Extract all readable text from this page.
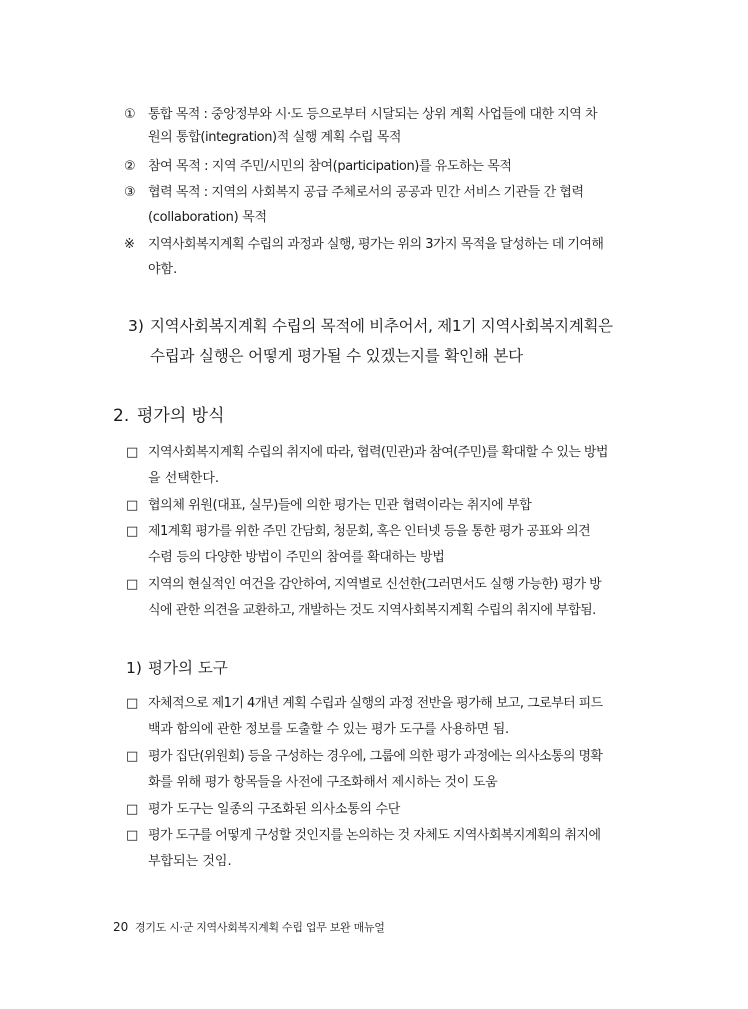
① 통합 목적 : 중앙정부와 시·도 등으로부터 시달되는 상위 계획 사업들에 대한 지역 차
원의 통합(integration)적 실행 계획 수립 목적
② 참여 목적 : 지역 주민/시민의 참여(participation)를 유도하는 목적
③ 협력 목적 : 지역의 사회복지 공급 주체로서의 공공과 민간 서비스 기관들 간 협력
(collaboration) 목적
※	지역사회복지계획 수립의 과정과 실행, 평가는 위의 3가지 목적을 달성하는 데 기여해
야함.
3) 지역사회복지계획 수립의 목적에 비추어서, 제1기 지역사회복지계획은
수립과 실행은 어떻게 평가될 수 있겠는지를 확인해 본다
2. 평가의 방식
□ 지역사회복지계획 수립의 취지에 따라, 협력(민관)과 참여(주민)를 확대할 수 있는 방법
을 선택한다.
□ 협의체 위원(대표, 실무)들에 의한 평가는 민관 협력이라는 취지에 부합
□ 제1계획 평가를 위한 주민 간담회, 청문회, 혹은 인터넷 등을 통한 평가 공표와 의견
수렴 등의 다양한 방법이 주민의 참여를 확대하는 방법
□ 지역의 현실적인 여건을 감안하여, 지역별로 신선한(그러면서도 실행 가능한) 평가 방
식에 관한 의견을 교환하고, 개발하는 것도 지역사회복지계획 수립의 취지에 부합됨.
1) 평가의 도구
□ 자체적으로 제1기 4개년 계획 수립과 실행의 과정 전반을 평가해 보고, 그로부터 피드
백과 함의에 관한 정보를 도출할 수 있는 평가 도구를 사용하면 됨.
□ 평가 집단(위원회) 등을 구성하는 경우에, 그룹에 의한 평가 과정에는 의사소통의 명확
화를 위해 평가 항목들을 사전에 구조화해서 제시하는 것이 도움
□ 평가 도구는 일종의 구조화된 의사소통의 수단
□ 평가 도구를 어떻게 구성할 것인지를 논의하는 것 자체도 지역사회복지계획의 취지에
부합되는 것임.
20 경기도 시·군 지역사회복지계획 수립 업무 보완 매뉴얼
